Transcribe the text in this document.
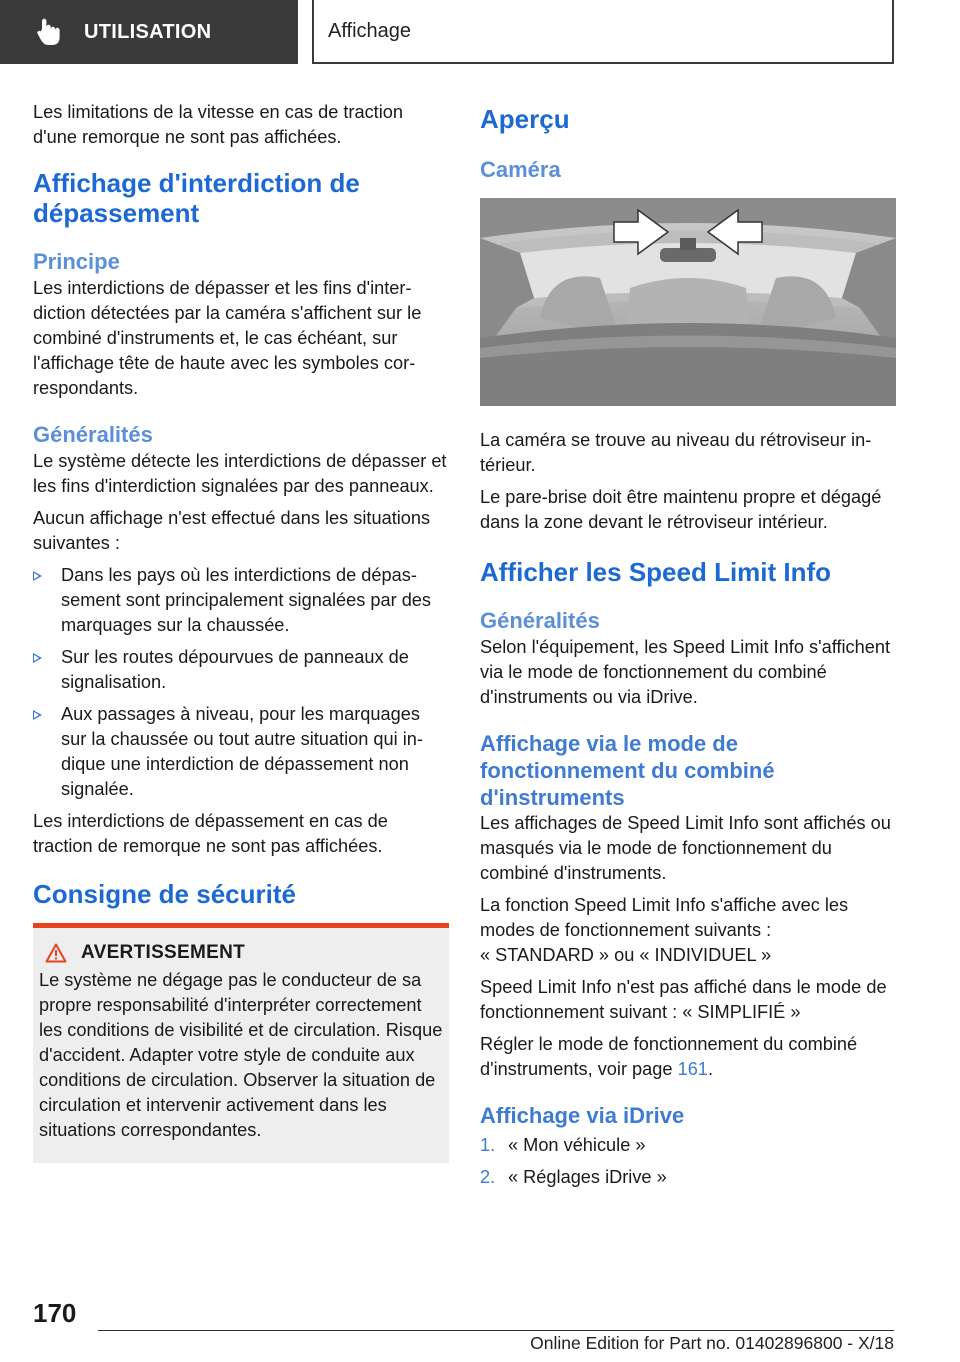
UTILISATION	Affichage

Les limitations de la vitesse en cas de traction d'une remorque ne sont pas affichées.

Affichage d'interdiction de dépassement
Principe

Les interdictions de dépasser et les fins d'interdiction détectées par la caméra s'affichent sur le combiné d'instruments et, le cas échéant, sur l'affichage tête de haute avec les symboles correspondants.

Généralités

Le système détecte les interdictions de dépasser et les fins d'interdiction signalées par des panneaux.

Aucun affichage n'est effectué dans les situations suivantes :

Dans les pays où les interdictions de dépassement sont principalement signalées par des marquages sur la chaussée.
Sur les routes dépourvues de panneaux de signalisation.
Aux passages à niveau, pour les marquages sur la chaussée ou tout autre situation qui indique une interdiction de dépassement non signalée.

Les interdictions de dépassement en cas de traction de remorque ne sont pas affichées.

Consigne de sécurité
AVERTISSEMENT

Le système ne dégage pas le conducteur de sa propre responsabilité d'interpréter correctement les conditions de visibilité et de circulation. Risque d'accident. Adapter votre style de conduite aux conditions de circulation. Observer la situation de circulation et intervenir activement dans les situations correspondantes.

Aperçu
Caméra

La caméra se trouve au niveau du rétroviseur intérieur.

Le pare-brise doit être maintenu propre et dégagé dans la zone devant le rétroviseur intérieur.

Afficher les Speed Limit Info
Généralités

Selon l'équipement, les Speed Limit Info s'affichent via le mode de fonctionnement du combiné d'instruments ou via iDrive.

Affichage via le mode de fonctionnement du combiné d'instruments

Les affichages de Speed Limit Info sont affichés ou masqués via le mode de fonctionnement du combiné d'instruments.

La fonction Speed Limit Info s'affiche avec les modes de fonctionnement suivants :
« STANDARD » ou « INDIVIDUEL »

Speed Limit Info n'est pas affiché dans le mode de fonctionnement suivant : « SIMPLIFIÉ »

Régler le mode de fonctionnement du combiné d'instruments, voir page 161.

Affichage via iDrive
1. « Mon véhicule »
2. « Réglages iDrive »
170
Online Edition for Part no. 01402896800 - X/18
